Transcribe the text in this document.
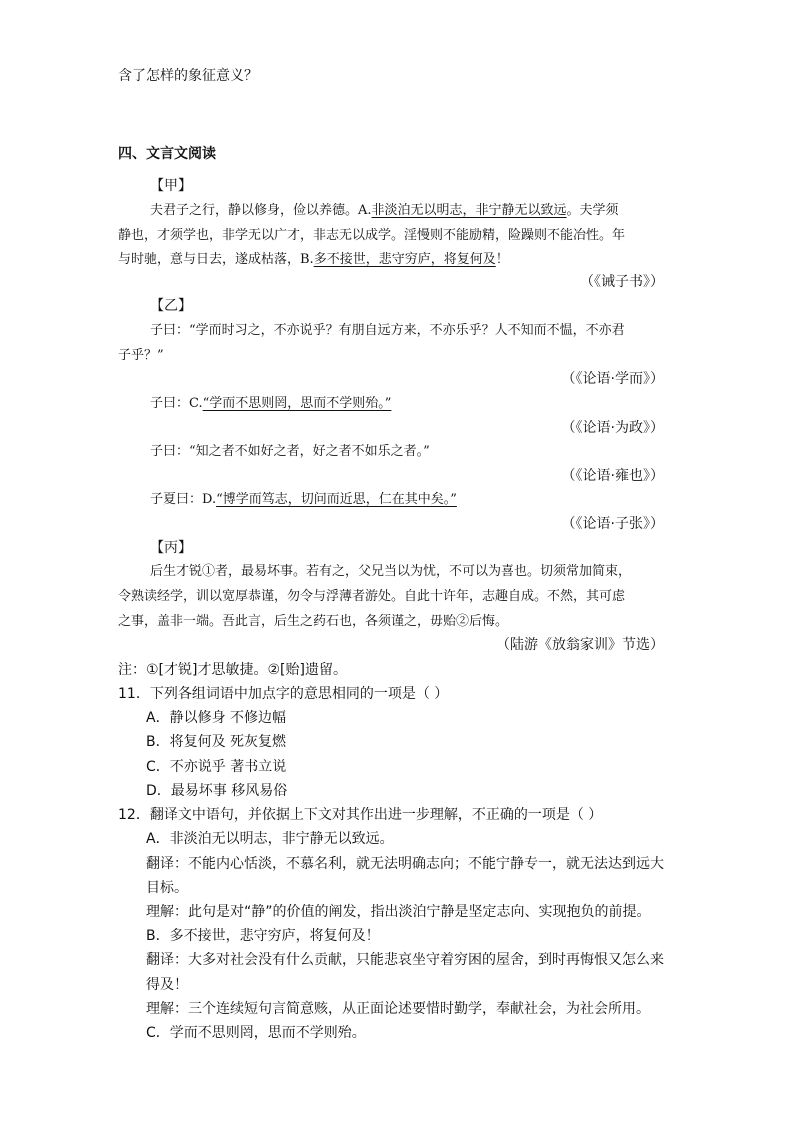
含了怎样的象征意义？
四、文言文阅读
【甲】
夫君子之行，静以修身，俭以养德。A.非淡泊无以明志，非宁静无以致远。夫学须
静也，才须学也，非学无以广才，非志无以成学。淫慢则不能励精，险躁则不能冶性。年
与时驰，意与日去，遂成枯落，B.多不接世，悲守穷庐，将复何及！
（《诫子书》）
【乙】
子曰：“学而时习之，不亦说乎？有朋自远方来，不亦乐乎？人不知而不愠，不亦君
子乎？”
（《论语·学而》）
子曰：C.“学而不思则罔，思而不学则殆。”
（《论语·为政》）
子曰：“知之者不如好之者，好之者不如乐之者。”
（《论语·雍也》）
子夏曰：D.“博学而笃志，切问而近思，仁在其中矣。”
（《论语·子张》）
【丙】
后生才锐①者，最易坏事。若有之，父兄当以为忧，不可以为喜也。切须常加简束，
令熟读经学，训以宽厚恭谨，勿令与浮薄者游处。自此十许年，志趣自成。不然，其可虑
之事，盖非一端。吾此言，后生之药石也，各须谨之，毋贻②后悔。
（陆游《放翁家训》节选）
注：①[才锐]才思敏捷。②[贻]遗留。
11．下列各组词语中加点字的意思相同的一项是（ ）
A．静以修身 不修边幅
B．将复何及 死灰复燃
C．不亦说乎 著书立说
D．最易坏事 移风易俗
12．翻译文中语句，并依据上下文对其作出进一步理解，不正确的一项是（ ）
A．非淡泊无以明志，非宁静无以致远。
翻译：不能内心恬淡，不慕名利，就无法明确志向；不能宁静专一，就无法达到远大
目标。
理解：此句是对“静”的价值的阐发，指出淡泊宁静是坚定志向、实现抱负的前提。
B．多不接世，悲守穷庐，将复何及！
翻译：大多对社会没有什么贡献，只能悲哀坐守着穷困的屋舍，到时再悔恨又怎么来
得及！
理解：三个连续短句言简意赅，从正面论述要惜时勤学，奉献社会，为社会所用。
C．学而不思则罔，思而不学则殆。
